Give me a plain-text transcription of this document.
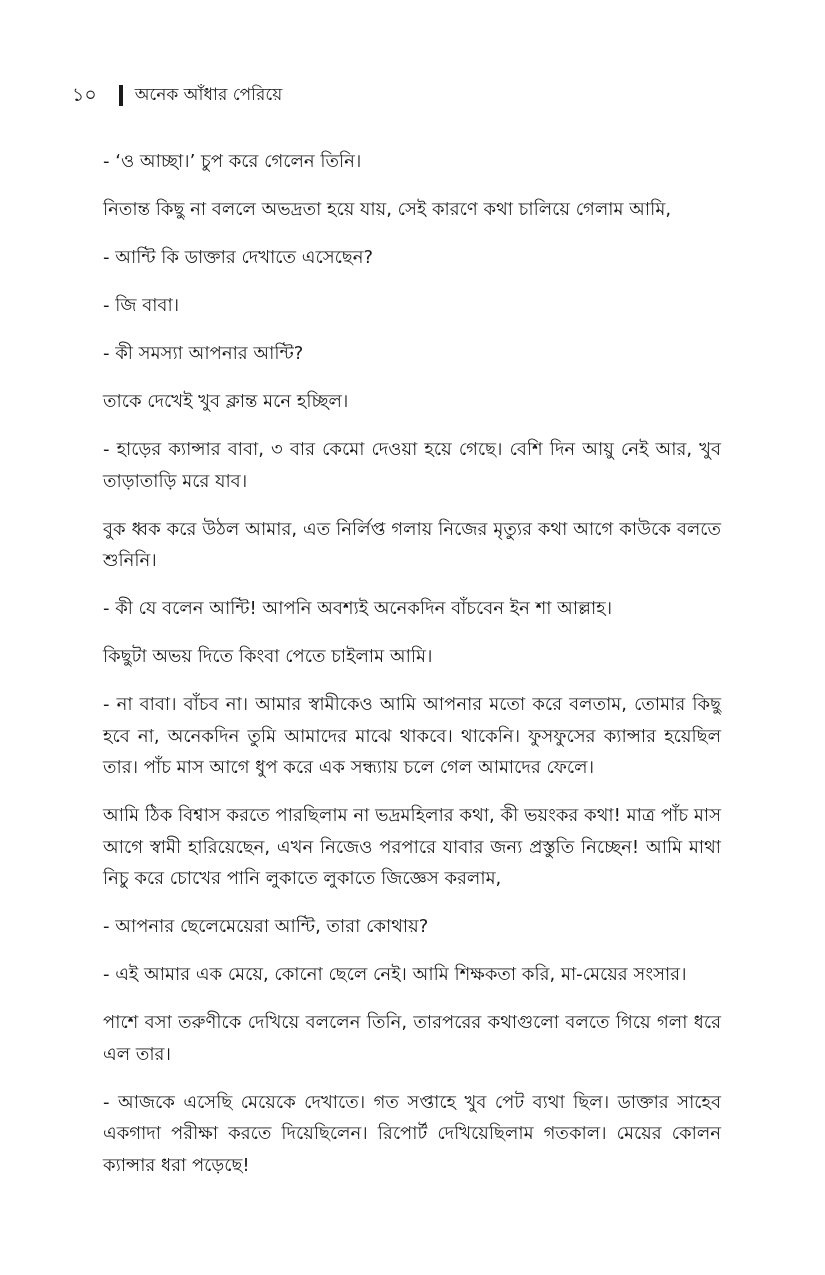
১০ অনেক আঁধার পেরিয়ে

- ‘ও আচ্ছা।’ চুপ করে গেলেন তিনি।

নিতান্ত কিছু না বললে অভদ্রতা হয়ে যায়, সেই কারণে কথা চালিয়ে গেলাম আমি,

- আন্টি কি ডাক্তার দেখাতে এসেছেন?

- জি বাবা।

- কী সমস্যা আপনার আন্টি?

তাকে দেখেই খুব ক্লান্ত মনে হচ্ছিল।

- হাড়ের ক্যান্সার বাবা, ৩ বার কেমো দেওয়া হয়ে গেছে। বেশি দিন আয়ু নেই আর, খুব তাড়াতাড়ি মরে যাব।

বুক ধ্বক করে উঠল আমার, এত নির্লিপ্ত গলায় নিজের মৃত্যুর কথা আগে কাউকে বলতে শুনিনি।

- কী যে বলেন আন্টি! আপনি অবশ্যই অনেকদিন বাঁচবেন ইন শা আল্লাহ।

কিছুটা অভয় দিতে কিংবা পেতে চাইলাম আমি।

- না বাবা। বাঁচব না। আমার স্বামীকেও আমি আপনার মতো করে বলতাম, তোমার কিছু হবে না, অনেকদিন তুমি আমাদের মাঝে থাকবে। থাকেনি। ফুসফুসের ক্যান্সার হয়েছিল তার। পাঁচ মাস আগে ধুপ করে এক সন্ধ্যায় চলে গেল আমাদের ফেলে।

আমি ঠিক বিশ্বাস করতে পারছিলাম না ভদ্রমহিলার কথা, কী ভয়ংকর কথা! মাত্র পাঁচ মাস আগে স্বামী হারিয়েছেন, এখন নিজেও পরপারে যাবার জন্য প্রস্তুতি নিচ্ছেন! আমি মাথা নিচু করে চোখের পানি লুকাতে লুকাতে জিজ্ঞেস করলাম,

- আপনার ছেলেমেয়েরা আন্টি, তারা কোথায়?

- এই আমার এক মেয়ে, কোনো ছেলে নেই। আমি শিক্ষকতা করি, মা-মেয়ের সংসার।

পাশে বসা তরুণীকে দেখিয়ে বললেন তিনি, তারপরের কথাগুলো বলতে গিয়ে গলা ধরে এল তার।

- আজকে এসেছি মেয়েকে দেখাতে। গত সপ্তাহে খুব পেট ব্যথা ছিল। ডাক্তার সাহেব একগাদা পরীক্ষা করতে দিয়েছিলেন। রিপোর্ট দেখিয়েছিলাম গতকাল। মেয়ের কোলন ক্যান্সার ধরা পড়েছে!
